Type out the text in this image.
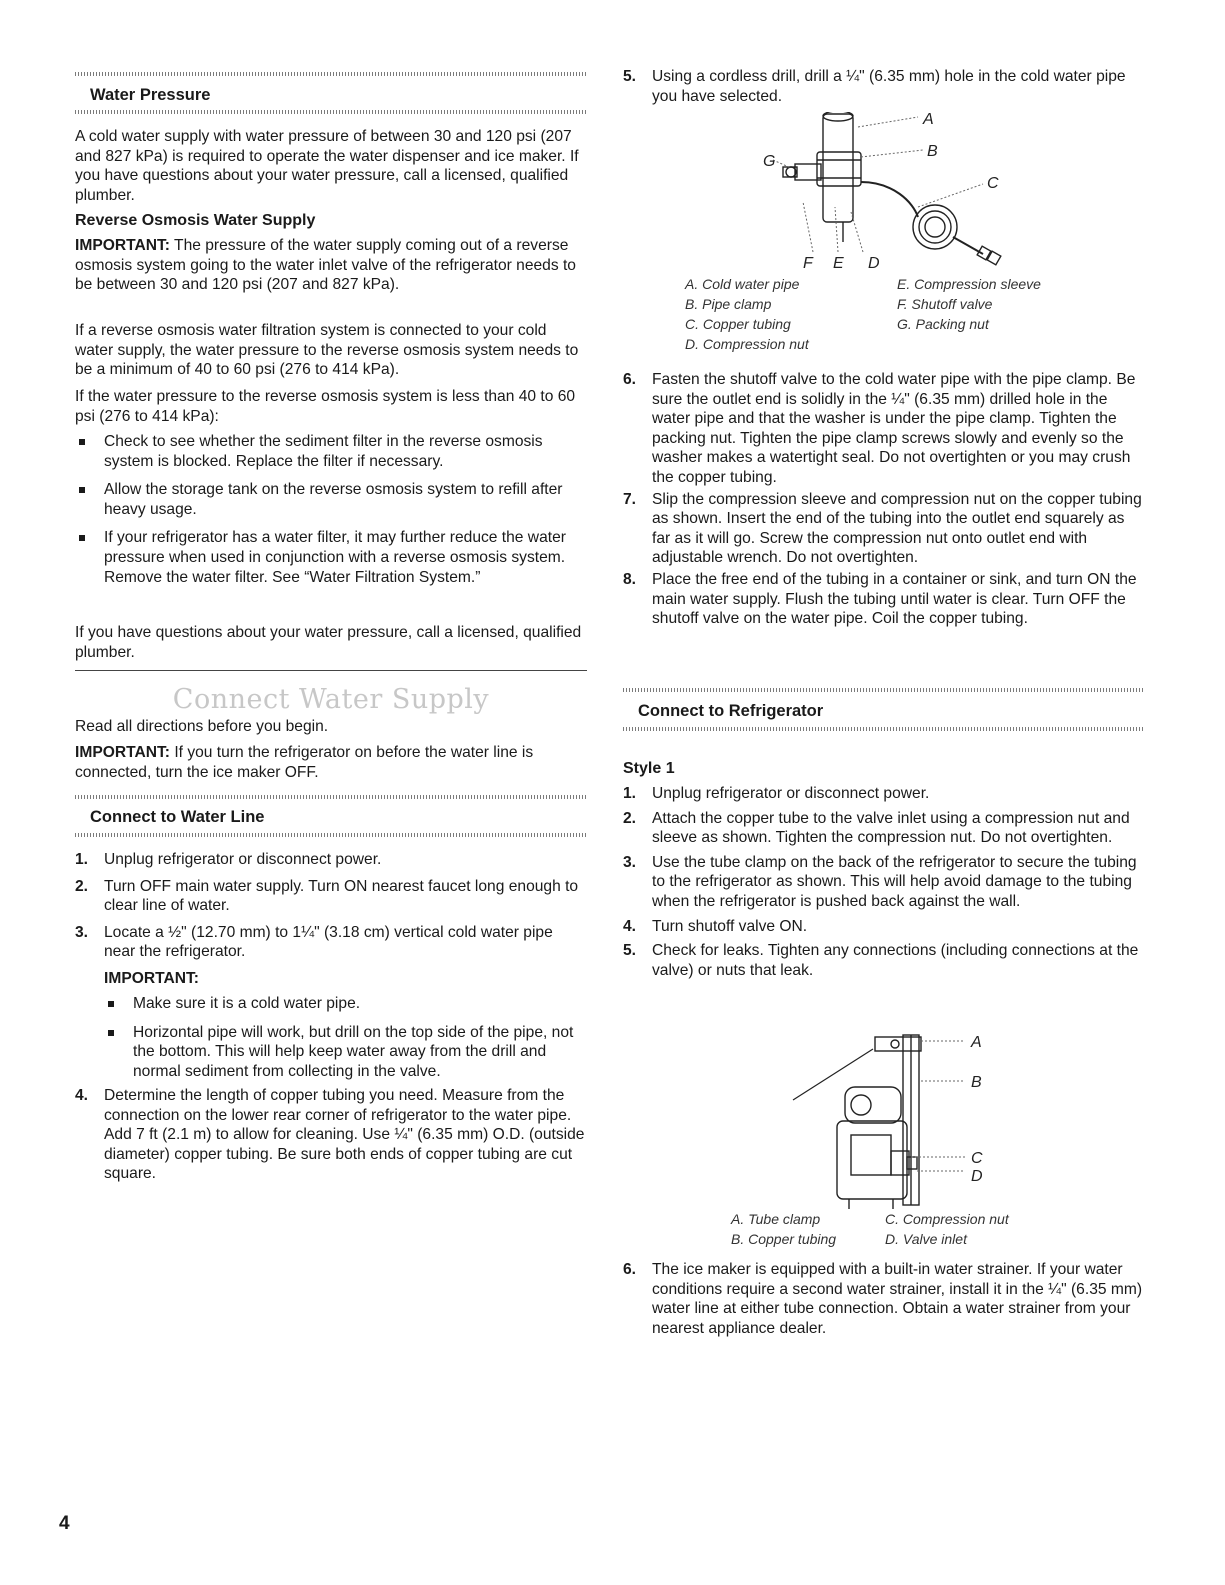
Water Pressure

A cold water supply with water pressure of between 30 and 120 psi (207 and 827 kPa) is required to operate the water dispenser and ice maker. If you have questions about your water pressure, call a licensed, qualified plumber.

Reverse Osmosis Water Supply

IMPORTANT: The pressure of the water supply coming out of a reverse osmosis system going to the water inlet valve of the refrigerator needs to be between 30 and 120 psi (207 and 827 kPa).

If a reverse osmosis water filtration system is connected to your cold water supply, the water pressure to the reverse osmosis system needs to be a minimum of 40 to 60 psi (276 to 414 kPa).

If the water pressure to the reverse osmosis system is less than 40 to 60 psi (276 to 414 kPa):

Check to see whether the sediment filter in the reverse osmosis system is blocked. Replace the filter if necessary.
Allow the storage tank on the reverse osmosis system to refill after heavy usage.
If your refrigerator has a water filter, it may further reduce the water pressure when used in conjunction with a reverse osmosis system. Remove the water filter. See “Water Filtration System.”

If you have questions about your water pressure, call a licensed, qualified plumber.

Connect Water Supply

Read all directions before you begin.

IMPORTANT: If you turn the refrigerator on before the water line is connected, turn the ice maker OFF.

Connect to Water Line
1. Unplug refrigerator or disconnect power.
2. Turn OFF main water supply. Turn ON nearest faucet long enough to clear line of water.
3. Locate a ½" (12.70 mm) to 1¼" (3.18 cm) vertical cold water pipe near the refrigerator.
IMPORTANT:
Make sure it is a cold water pipe.
Horizontal pipe will work, but drill on the top side of the pipe, not the bottom. This will help keep water away from the drill and normal sediment from collecting in the valve.
4. Determine the length of copper tubing you need. Measure from the connection on the lower rear corner of refrigerator to the water pipe. Add 7 ft (2.1 m) to allow for cleaning. Use ¼" (6.35 mm) O.D. (outside diameter) copper tubing. Be sure both ends of copper tubing are cut square.
4
5. Using a cordless drill, drill a ¼" (6.35 mm) hole in the cold water pipe you have selected.
A
B
C
G
F E D
A. Cold water pipe
B. Pipe clamp
C. Copper tubing
D. Compression nut
E. Compression sleeve
F. Shutoff valve
G. Packing nut
6. Fasten the shutoff valve to the cold water pipe with the pipe clamp. Be sure the outlet end is solidly in the ¼" (6.35 mm) drilled hole in the water pipe and that the washer is under the pipe clamp. Tighten the packing nut. Tighten the pipe clamp screws slowly and evenly so the washer makes a watertight seal. Do not overtighten or you may crush the copper tubing.
7. Slip the compression sleeve and compression nut on the copper tubing as shown. Insert the end of the tubing into the outlet end squarely as far as it will go. Screw the compression nut onto outlet end with adjustable wrench. Do not overtighten.
8. Place the free end of the tubing in a container or sink, and turn ON the main water supply. Flush the tubing until water is clear. Turn OFF the shutoff valve on the water pipe. Coil the copper tubing.
Connect to Refrigerator
Style 1
1. Unplug refrigerator or disconnect power.
2. Attach the copper tube to the valve inlet using a compression nut and sleeve as shown. Tighten the compression nut. Do not overtighten.
3. Use the tube clamp on the back of the refrigerator to secure the tubing to the refrigerator as shown. This will help avoid damage to the tubing when the refrigerator is pushed back against the wall.
4. Turn shutoff valve ON.
5. Check for leaks. Tighten any connections (including connections at the valve) or nuts that leak.
A
B
C
D
A. Tube clamp
B. Copper tubing
C. Compression nut
D. Valve inlet
6. The ice maker is equipped with a built-in water strainer. If your water conditions require a second water strainer, install it in the ¼" (6.35 mm) water line at either tube connection. Obtain a water strainer from your nearest appliance dealer.
